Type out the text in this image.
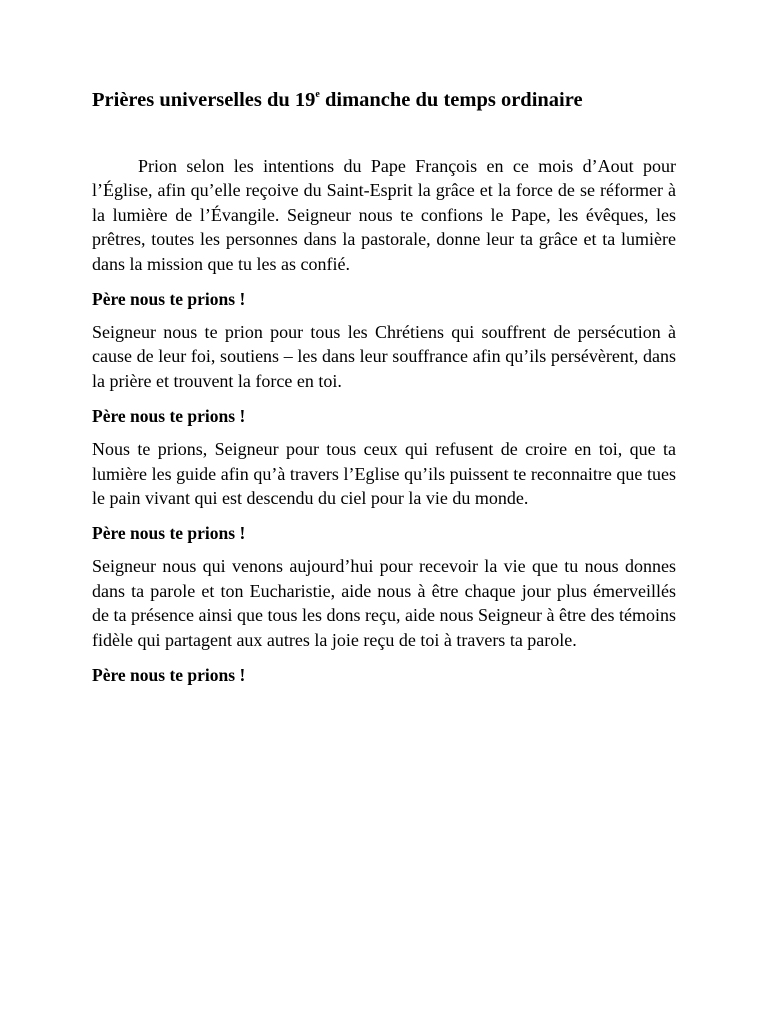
Prières universelles du 19e dimanche du temps ordinaire

Prion selon les intentions du Pape François en ce mois d’Aout pour l’Église, afin qu’elle reçoive du Saint-Esprit la grâce et la force de se réformer à la lumière de l’Évangile. Seigneur nous te confions le Pape, les évêques, les prêtres, toutes les personnes dans la pastorale, donne leur ta grâce et ta lumière dans la mission que tu les as confié.

Père nous te prions !

Seigneur nous te prion pour tous les Chrétiens qui souffrent de persécution à cause de leur foi, soutiens – les dans leur souffrance afin qu’ils persévèrent, dans la prière et trouvent la force en toi.

Père nous te prions !

Nous te prions, Seigneur pour tous ceux qui refusent de croire en toi, que ta lumière les guide afin qu’à travers l’Eglise qu’ils puissent te reconnaitre que tues le pain vivant qui est descendu du ciel pour la vie du monde.

Père nous te prions !

Seigneur nous qui venons aujourd’hui pour recevoir la vie que tu nous donnes dans ta parole et ton Eucharistie, aide nous à être chaque jour plus émerveillés de ta présence ainsi que tous les dons reçu, aide nous Seigneur à être des témoins fidèle qui partagent aux autres la joie reçu de toi à travers ta parole.

Père nous te prions !
